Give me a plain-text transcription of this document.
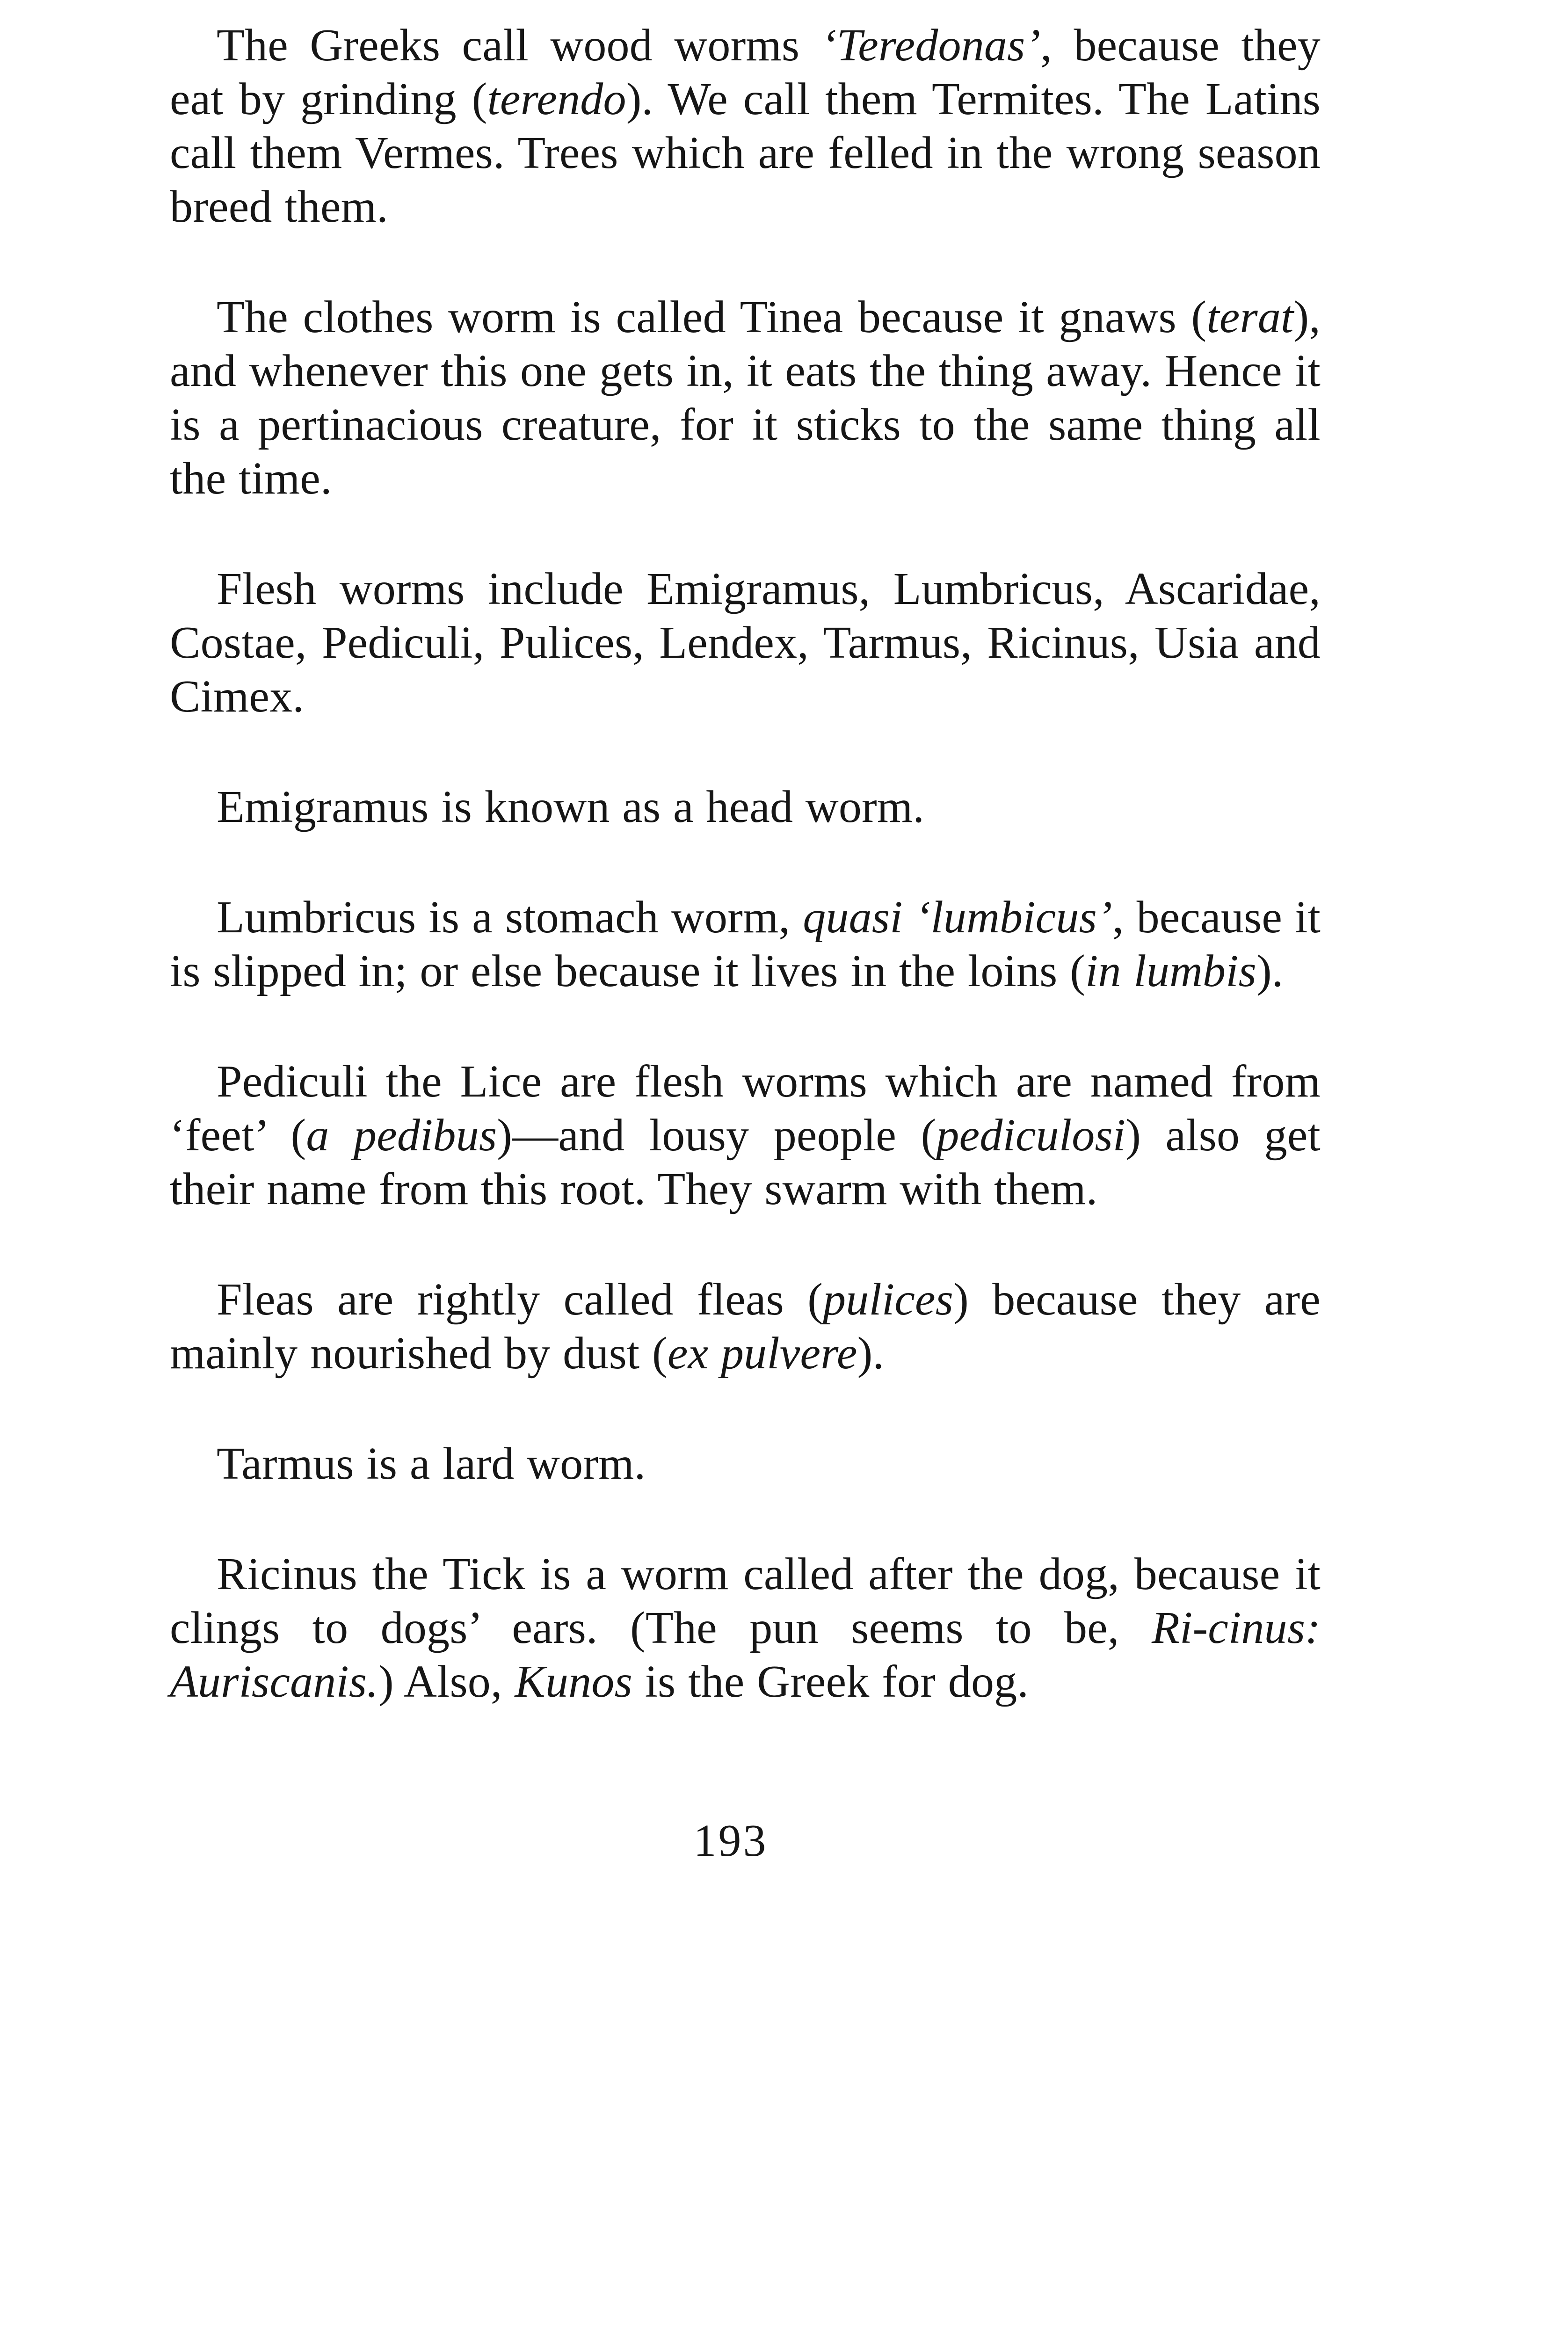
The Greeks call wood worms ‘Teredonas’, because they eat by grinding (terendo). We call them Termites. The Latins call them Vermes. Trees which are felled in the wrong season breed them.

The clothes worm is called Tinea because it gnaws (terat), and whenever this one gets in, it eats the thing away. Hence it is a pertinacious creature, for it sticks to the same thing all the time.

Flesh worms include Emigramus, Lumbricus, Ascaridae, Costae, Pediculi, Pulices, Lendex, Tarmus, Ricinus, Usia and Cimex.

Emigramus is known as a head worm.

Lumbricus is a stomach worm, quasi ‘lumbicus’, because it is slipped in; or else because it lives in the loins (in lumbis).

Pediculi the Lice are flesh worms which are named from ‘feet’ (a pedibus)—and lousy people (pediculosi) also get their name from this root. They swarm with them.

Fleas are rightly called fleas (pulices) because they are mainly nourished by dust (ex pulvere).

Tarmus is a lard worm.

Ricinus the Tick is a worm called after the dog, because it clings to dogs’ ears. (The pun seems to be, Ri-cinus: Auriscanis.) Also, Kunos is the Greek for dog.

193
